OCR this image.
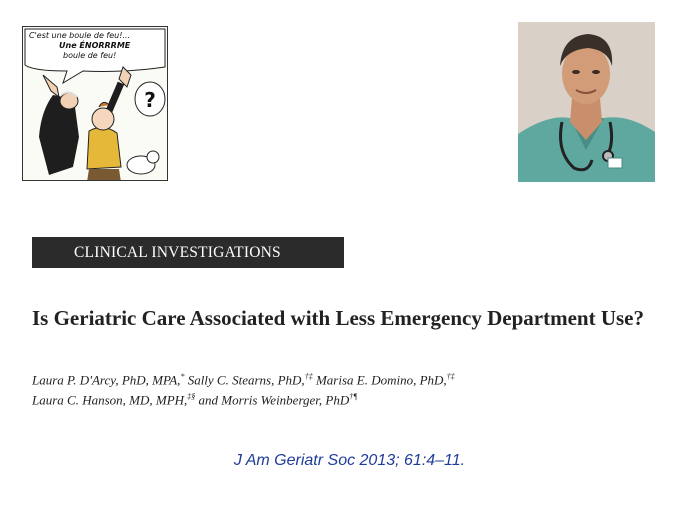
?
C'est une boule de feu!...
Une ÉNORRRME
boule de feu!
CLINICAL INVESTIGATIONS
Is Geriatric Care Associated with Less Emergency Department Use?
Laura P. D'Arcy, PhD, MPA,* Sally C. Stearns, PhD,†‡ Marisa E. Domino, PhD,†‡
Laura C. Hanson, MD, MPH,‡§ and Morris Weinberger, PhD†¶
J Am Geriatr Soc 2013; 61:4–11.
